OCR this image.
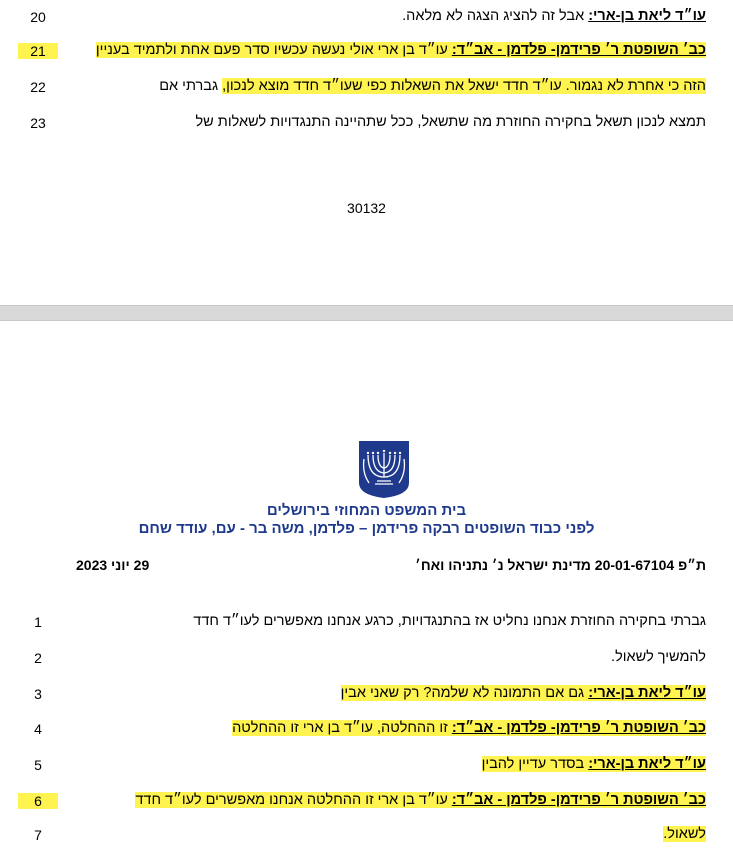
20	עו״ד ליאת בן-ארי: אבל זה להציג הצגה לא מלאה.
21	כב׳ השופטת ר׳ פרידמן- פלדמן - אב״ד: עו״ד בן ארי אולי נעשה עכשיו סדר פעם אחת ולתמיד בעניין
22	הזה כי אחרת לא נגמור. עו״ד חדד ישאל את השאלות כפי שעו״ד חדד מוצא לנכון, גברתי אם
23	תמצא לנכון תשאל בחקירה החוזרת מה שתשאל, ככל שתהיינה התנגדויות לשאלות של
30132
בית המשפט המחוזי בירושלים
לפני כבוד השופטים רבקה פרידמן – פלדמן, משה בר - עם, עודד שחם
ת״פ 20-01-67104 מדינת ישראל נ׳ נתניהו ואח׳
29 יוני 2023
1	גברתי בחקירה החוזרת אנחנו נחליט אז בהתנגדויות, כרגע אנחנו מאפשרים לעו״ד חדד
2	להמשיך לשאול.
3	עו״ד ליאת בן-ארי: גם אם התמונה לא שלמה? רק שאני אבין
4	כב׳ השופטת ר׳ פרידמן- פלדמן - אב״ד: זו ההחלטה, עו״ד בן ארי זו ההחלטה
5	עו״ד ליאת בן-ארי: בסדר עדיין להבין
6	כב׳ השופטת ר׳ פרידמן- פלדמן - אב״ד: עו״ד בן ארי זו ההחלטה אנחנו מאפשרים לעו״ד חדד
7	לשאול.
